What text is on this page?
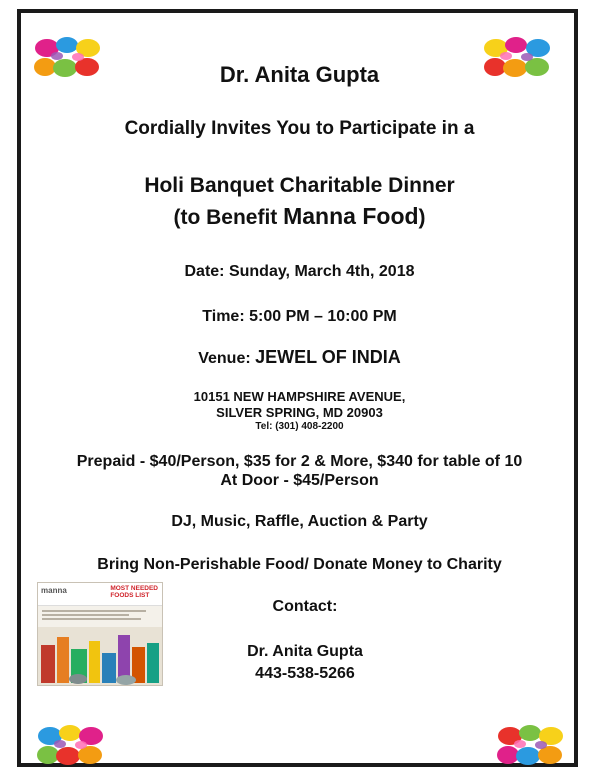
Dr. Anita Gupta
Cordially Invites You to Participate in a
Holi Banquet Charitable Dinner
(to Benefit Manna Food)
Date: Sunday, March 4th, 2018
Time: 5:00 PM – 10:00 PM
Venue: JEWEL OF INDIA
10151 NEW HAMPSHIRE AVENUE,
SILVER SPRING, MD 20903
Tel: (301) 408-2200
Prepaid - $40/Person, $35 for 2 & More, $340 for table of 10
At Door - $45/Person
DJ, Music, Raffle, Auction & Party
Bring Non-Perishable Food/ Donate Money to Charity
Contact:
Dr. Anita Gupta
443-538-5266
manna	MOST NEEDED
FOODS LIST
